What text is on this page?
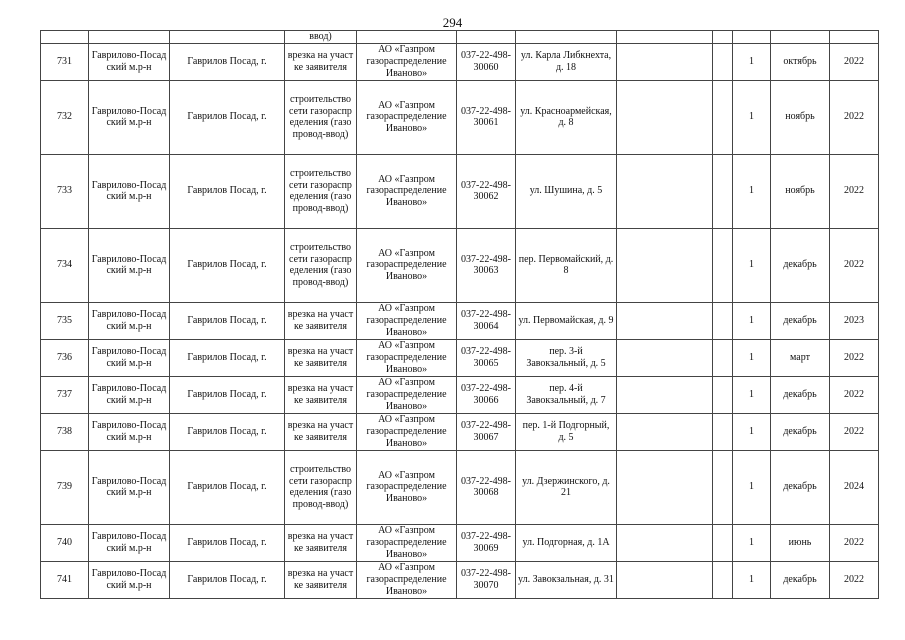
294
			ввод)								
731	Гаврилово-Посадский м.р-н	Гаврилов Посад, г.	врезка на участке заявителя	АО «Газпром газораспределение Иваново»	037-22-498-30060	ул. Карла Либкнехта, д. 18			1	октябрь	2022
732	Гаврилово-Посадский м.р-н	Гаврилов Посад, г.	строительство сети газораспределения (газопровод-ввод)	АО «Газпром газораспределение Иваново»	037-22-498-30061	ул. Красноармейская, д. 8			1	ноябрь	2022
733	Гаврилово-Посадский м.р-н	Гаврилов Посад, г.	строительство сети газораспределения (газопровод-ввод)	АО «Газпром газораспределение Иваново»	037-22-498-30062	ул. Шушина, д. 5			1	ноябрь	2022
734	Гаврилово-Посадский м.р-н	Гаврилов Посад, г.	строительство сети газораспределения (газопровод-ввод)	АО «Газпром газораспределение Иваново»	037-22-498-30063	пер. Первомайский, д. 8			1	декабрь	2022
735	Гаврилово-Посадский м.р-н	Гаврилов Посад, г.	врезка на участке заявителя	АО «Газпром газораспределение Иваново»	037-22-498-30064	ул. Первомайская, д. 9			1	декабрь	2023
736	Гаврилово-Посадский м.р-н	Гаврилов Посад, г.	врезка на участке заявителя	АО «Газпром газораспределение Иваново»	037-22-498-30065	пер. 3-й Завокзальный, д. 5			1	март	2022
737	Гаврилово-Посадский м.р-н	Гаврилов Посад, г.	врезка на участке заявителя	АО «Газпром газораспределение Иваново»	037-22-498-30066	пер. 4-й Завокзальный, д. 7			1	декабрь	2022
738	Гаврилово-Посадский м.р-н	Гаврилов Посад, г.	врезка на участке заявителя	АО «Газпром газораспределение Иваново»	037-22-498-30067	пер. 1-й Подгорный, д. 5			1	декабрь	2022
739	Гаврилово-Посадский м.р-н	Гаврилов Посад, г.	строительство сети газораспределения (газопровод-ввод)	АО «Газпром газораспределение Иваново»	037-22-498-30068	ул. Дзержинского, д. 21			1	декабрь	2024
740	Гаврилово-Посадский м.р-н	Гаврилов Посад, г.	врезка на участке заявителя	АО «Газпром газораспределение Иваново»	037-22-498-30069	ул. Подгорная, д. 1А			1	июнь	2022
741	Гаврилово-Посадский м.р-н	Гаврилов Посад, г.	врезка на участке заявителя	АО «Газпром газораспределение Иваново»	037-22-498-30070	ул. Завокзальная, д. 31			1	декабрь	2022
